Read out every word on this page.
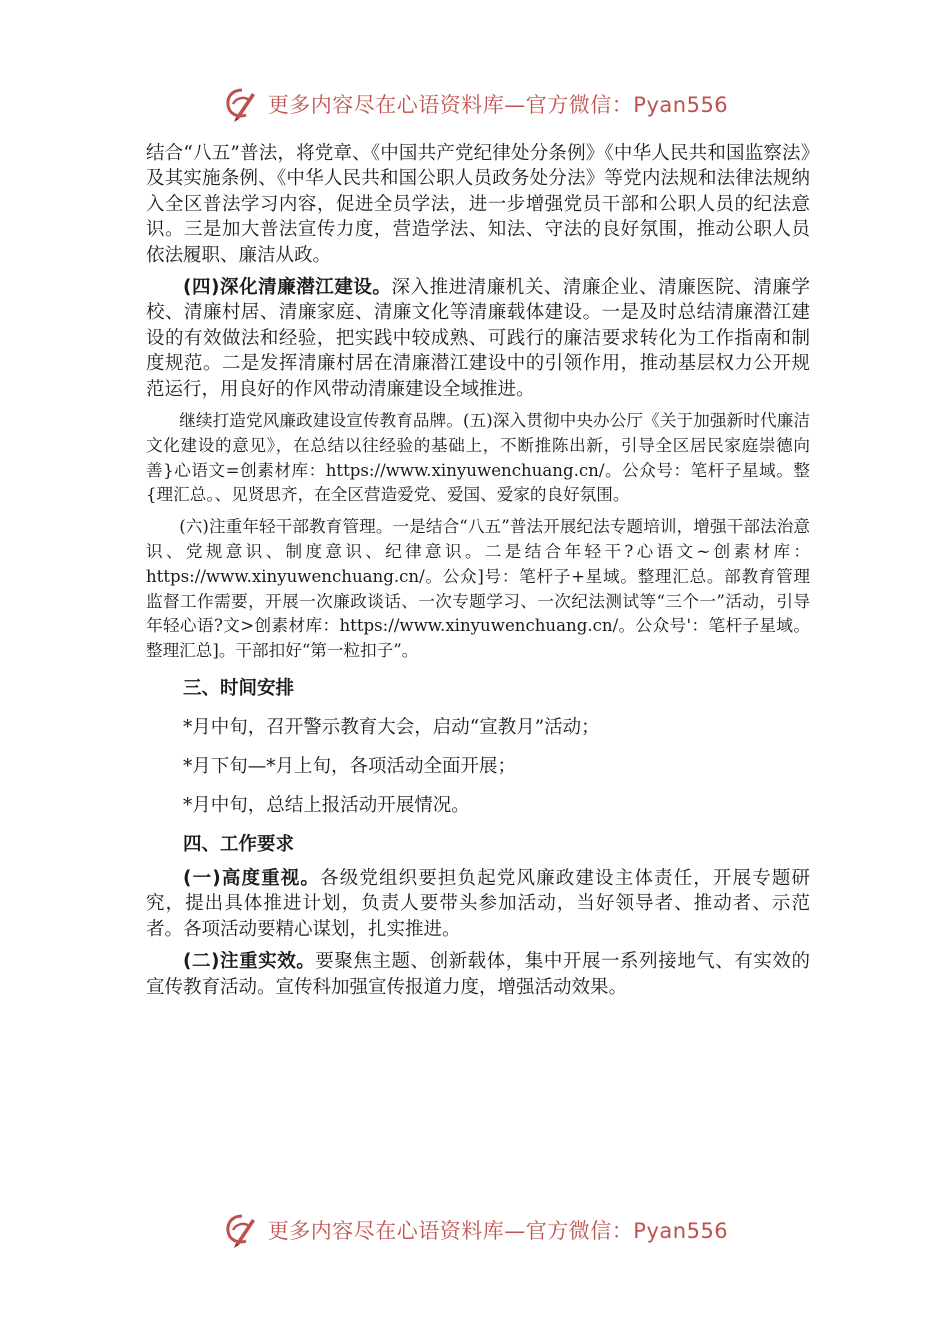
更多内容尽在心语资料库—官方微信：Pyan556

结合“八五”普法，将党章、《中国共产党纪律处分条例》《中华人民共和国监察法》及其实施条例、《中华人民共和国公职人员政务处分法》等党内法规和法律法规纳入全区普法学习内容，促进全员学法，进一步增强党员干部和公职人员的纪法意识。三是加大普法宣传力度，营造学法、知法、守法的良好氛围，推动公职人员依法履职、廉洁从政。

(四)深化清廉潜江建设。深入推进清廉机关、清廉企业、清廉医院、清廉学校、清廉村居、清廉家庭、清廉文化等清廉载体建设。一是及时总结清廉潜江建设的有效做法和经验，把实践中较成熟、可践行的廉洁要求转化为工作指南和制度规范。二是发挥清廉村居在清廉潜江建设中的引领作用，推动基层权力公开规范运行，用良好的作风带动清廉建设全域推进。

继续打造党风廉政建设宣传教育品牌。(五)深入贯彻中央办公厅《关于加强新时代廉洁文化建设的意见》，在总结以往经验的基础上，不断推陈出新，引导全区居民家庭崇德向善}心语文=创素材库：https://www.xinyuwenchuang.cn/。公众号：笔杆子星域。整{理汇总。、见贤思齐，在全区营造爱党、爱国、爱家的良好氛围。

(六)注重年轻干部教育管理。一是结合“八五”普法开展纪法专题培训，增强干部法治意识、党规意识、制度意识、纪律意识。二是结合年轻干?心语文~创素材库：https://www.xinyuwenchuang.cn/。公众]号：笔杆子+星域。整理汇总。部教育管理监督工作需要，开展一次廉政谈话、一次专题学习、一次纪法测试等“三个一”活动，引导年轻心语?文>创素材库：https://www.xinyuwenchuang.cn/。公众号'：笔杆子星域。整理汇总]。干部扣好“第一粒扣子”。

三、时间安排

*月中旬，召开警示教育大会，启动“宣教月”活动；

*月下旬—*月上旬，各项活动全面开展；

*月中旬，总结上报活动开展情况。

四、工作要求

(一)高度重视。各级党组织要担负起党风廉政建设主体责任，开展专题研究，提出具体推进计划，负责人要带头参加活动，当好领导者、推动者、示范者。各项活动要精心谋划，扎实推进。

(二)注重实效。要聚焦主题、创新载体，集中开展一系列接地气、有实效的宣传教育活动。宣传科加强宣传报道力度，增强活动效果。

更多内容尽在心语资料库—官方微信：Pyan556
